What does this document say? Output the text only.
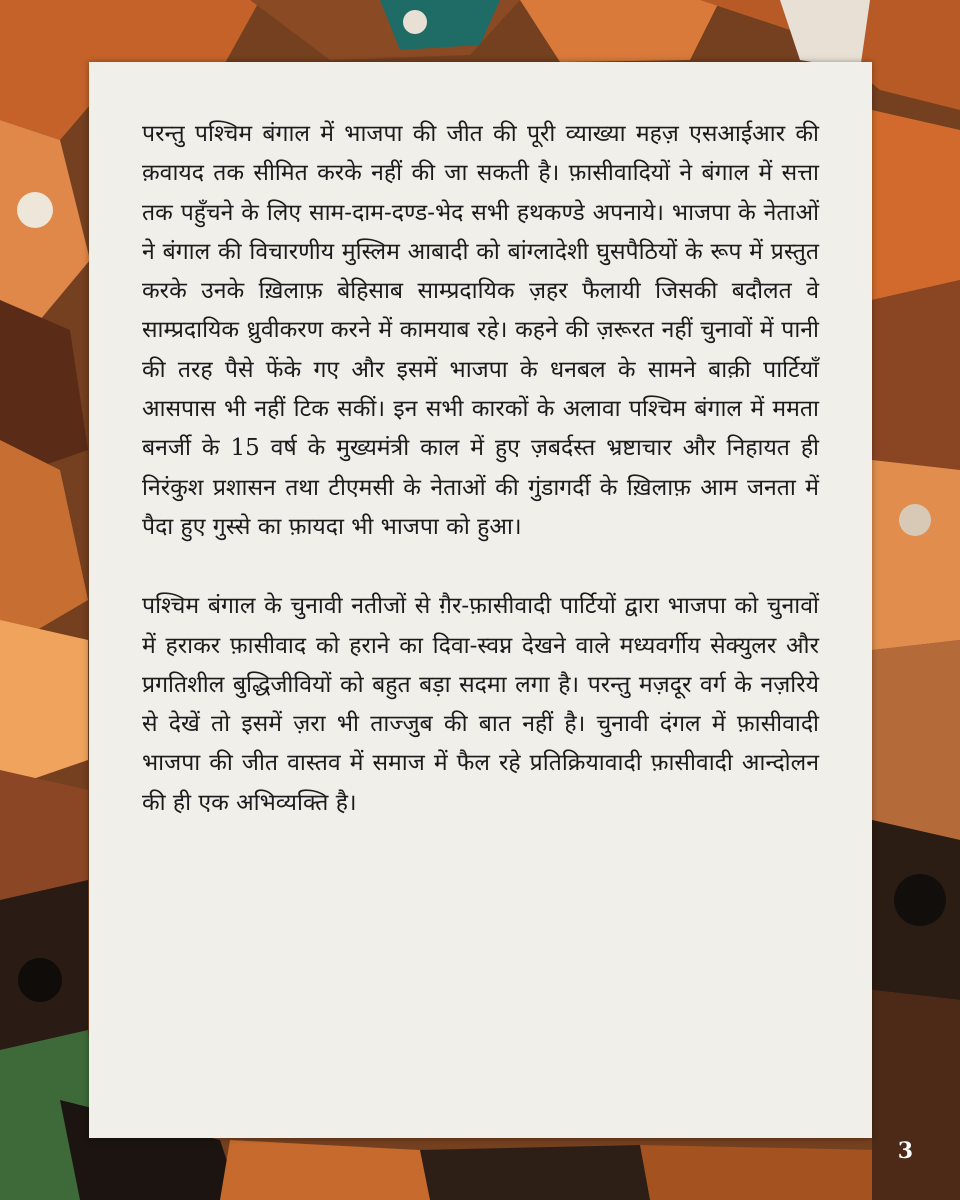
परन्तु पश्चिम बंगाल में भाजपा की जीत की पूरी व्याख्या महज़ एसआईआर की क़वायद तक सीमित करके नहीं की जा सकती है। फ़ासीवादियों ने बंगाल में सत्ता तक पहुँचने के लिए साम-दाम-दण्ड-भेद सभी हथकण्डे अपनाये। भाजपा के नेताओं ने बंगाल की विचारणीय मुस्लिम आबादी को बांग्लादेशी घुसपैठियों के रूप में प्रस्तुत करके उनके ख़िलाफ़ बेहिसाब साम्प्रदायिक ज़हर फैलायी जिसकी बदौलत वे साम्प्रदायिक ध्रुवीकरण करने में कामयाब रहे। कहने की ज़रूरत नहीं चुनावों में पानी की तरह पैसे फेंके गए और इसमें भाजपा के धनबल के सामने बाक़ी पार्टियाँ आसपास भी नहीं टिक सकीं। इन सभी कारकों के अलावा पश्चिम बंगाल में ममता बनर्जी के 15 वर्ष के मुख्यमंत्री काल में हुए ज़बर्दस्त भ्रष्टाचार और निहायत ही निरंकुश प्रशासन तथा टीएमसी के नेताओं की गुंडागर्दी के ख़िलाफ़ आम जनता में पैदा हुए गुस्से का फ़ायदा भी भाजपा को हुआ।

पश्चिम बंगाल के चुनावी नतीजों से ग़ैर-फ़ासीवादी पार्टियों द्वारा भाजपा को चुनावों में हराकर फ़ासीवाद को हराने का दिवा-स्वप्न देखने वाले मध्यवर्गीय सेक्युलर और प्रगतिशील बुद्धिजीवियों को बहुत बड़ा सदमा लगा है। परन्तु मज़दूर वर्ग के नज़रिये से देखें तो इसमें ज़रा भी ताज्जुब की बात नहीं है। चुनावी दंगल में फ़ासीवादी भाजपा की जीत वास्तव में समाज में फैल रहे प्रतिक्रियावादी फ़ासीवादी आन्दोलन की ही एक अभिव्यक्ति है।

3
